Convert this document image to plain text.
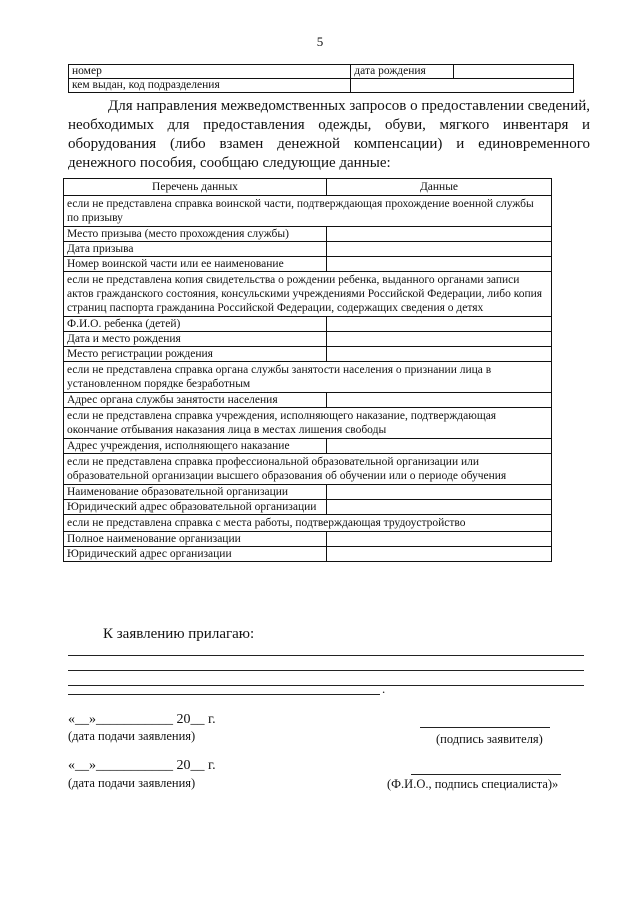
5
номер	дата рождения	
кем выдан, код подразделения		

Для направления межведомственных запросов о предоставлении сведений, необходимых для предоставления одежды, обуви, мягкого инвентаря и оборудования (либо взамен денежной компенсации) и единовременного денежного пособия, сообщаю следующие данные:

Перечень данных	Данные
если не представлена справка воинской части, подтверждающая прохождение военной службы по призыву	
Место призыва (место прохождения службы)	
Дата призыва	
Номер воинской части или ее наименование	
если не представлена копия свидетельства о рождении ребенка, выданного органами записи актов гражданского состояния, консульскими учреждениями Российской Федерации, либо копия страниц паспорта гражданина Российской Федерации, содержащих сведения о детях	
Ф.И.О. ребенка (детей)	
Дата и место рождения	
Место регистрации рождения	
если не представлена справка органа службы занятости населения о признании лица в установленном порядке безработным	
Адрес органа службы занятости населения	
если не представлена справка учреждения, исполняющего наказание, подтверждающая окончание отбывания наказания лица в местах лишения свободы	
Адрес учреждения, исполняющего наказание	
если не представлена справка профессиональной образовательной организации или образовательной организации высшего образования об обучении или о периоде обучения	
Наименование образовательной организации	
Юридический адрес образовательной организации	
если не представлена справка с места работы, подтверждающая трудоустройство	
Полное наименование организации	
Юридический адрес организации	

К заявлению прилагаю:

.
«__»___________ 20__ г.
(дата подачи заявления)	(подпись заявителя)
«__»___________ 20__ г.
(дата подачи заявления)	(Ф.И.О., подпись специалиста)»
